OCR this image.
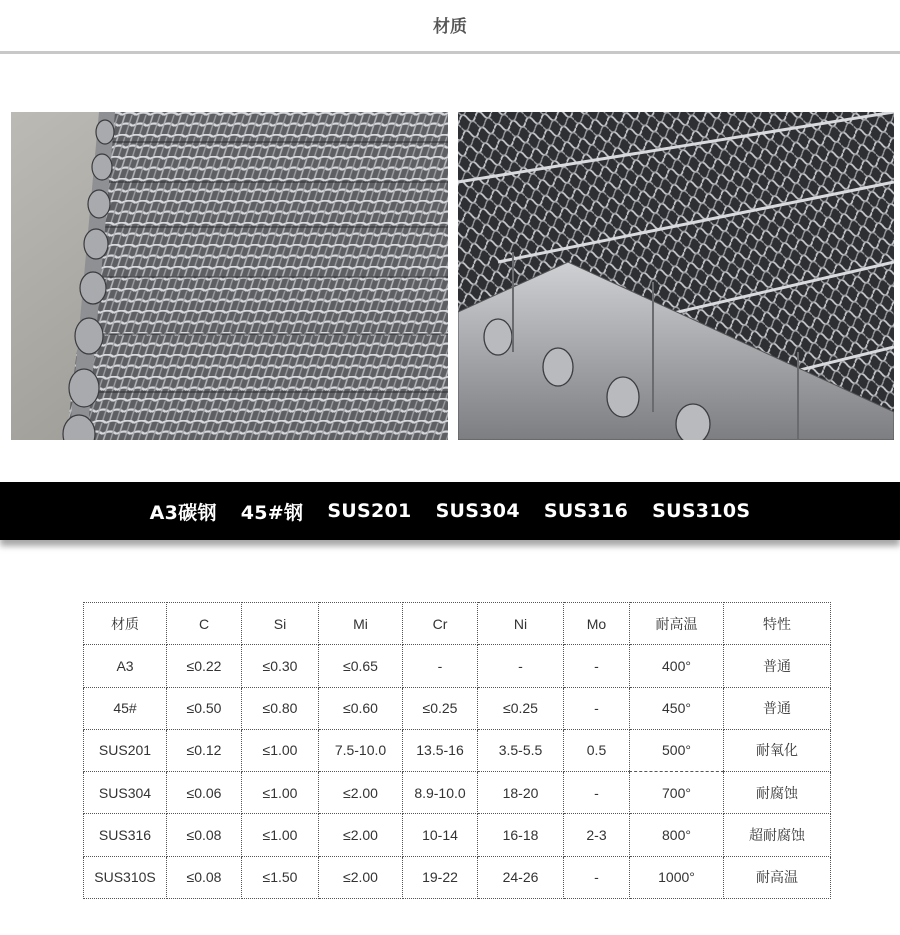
材质
A3碳钢 45#钢 SUS201 SUS304 SUS316 SUS310S
材质	C	Si	Mi	Cr	Ni	Mo	耐高温	特性
A3	≤0.22	≤0.30	≤0.65	-	-	-	400°	普通
45#	≤0.50	≤0.80	≤0.60	≤0.25	≤0.25	-	450°	普通
SUS201	≤0.12	≤1.00	7.5-10.0	13.5-16	3.5-5.5	0.5	500°	耐氧化
SUS304	≤0.06	≤1.00	≤2.00	8.9-10.0	18-20	-	700°	耐腐蚀
SUS316	≤0.08	≤1.00	≤2.00	10-14	16-18	2-3	800°	超耐腐蚀
SUS310S	≤0.08	≤1.50	≤2.00	19-22	24-26	-	1000°	耐高温
